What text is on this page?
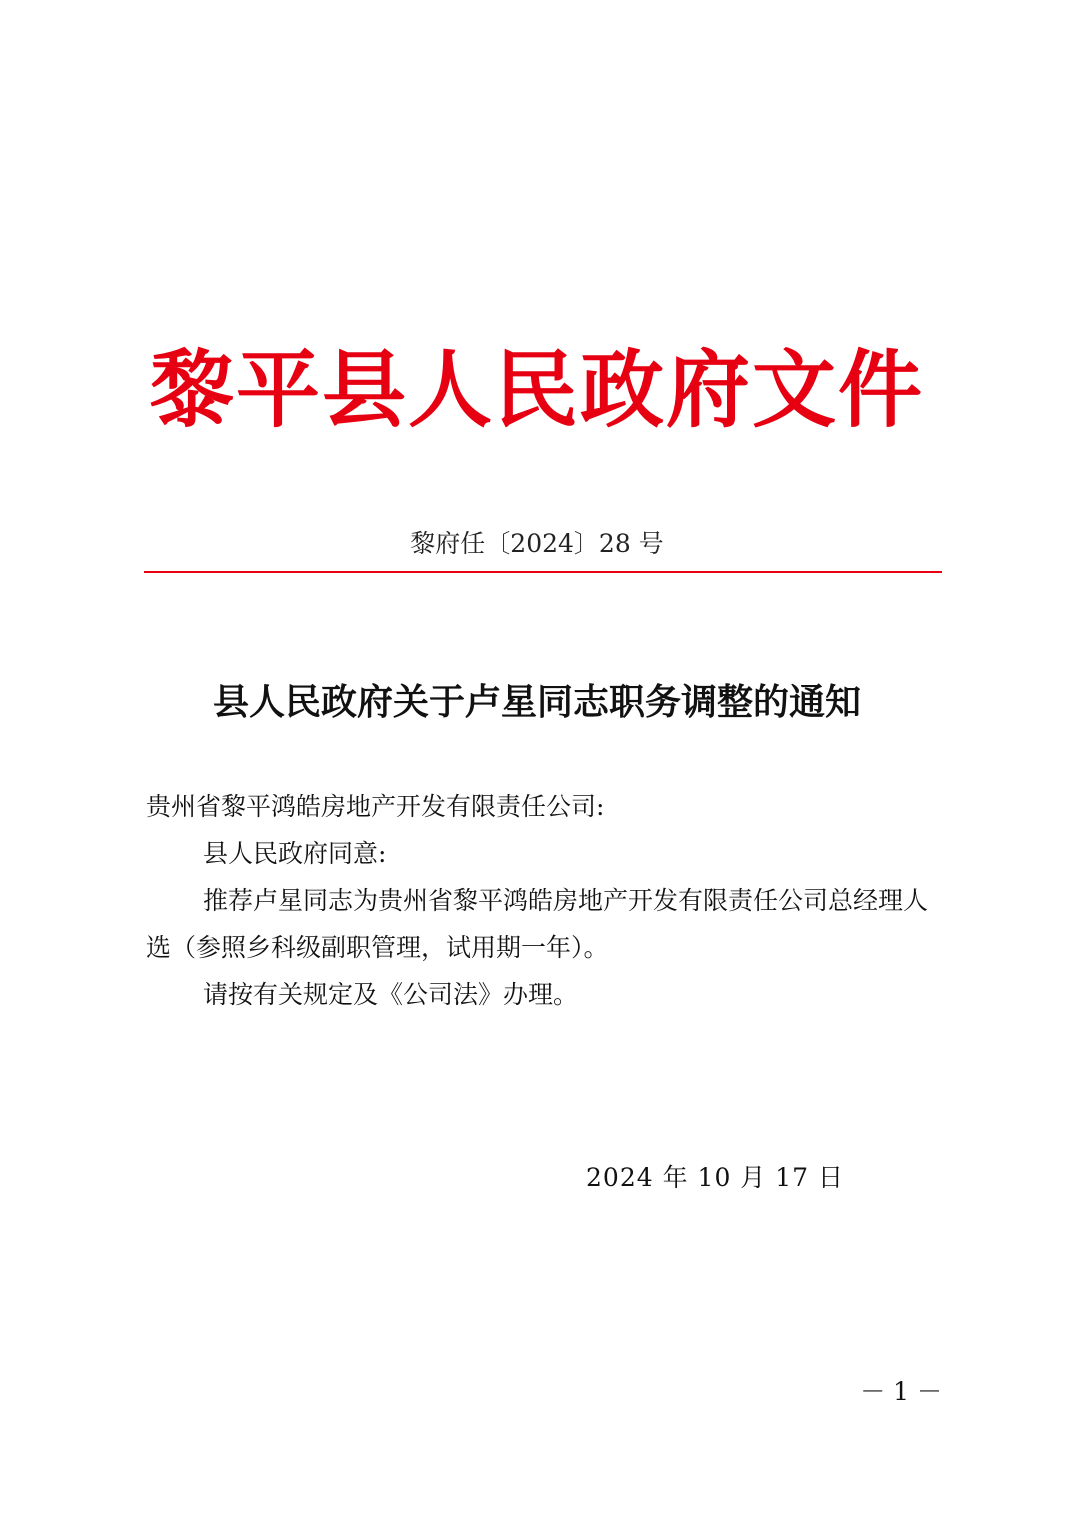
黎平县人民政府文件
黎府任〔2024〕28 号
县人民政府关于卢星同志职务调整的通知

贵州省黎平鸿皓房地产开发有限责任公司:

县人民政府同意:

推荐卢星同志为贵州省黎平鸿皓房地产开发有限责任公司总经理人选（参照乡科级副职管理，试用期一年）。

请按有关规定及《公司法》办理。

2024 年 10 月 17 日
－ 1 －
